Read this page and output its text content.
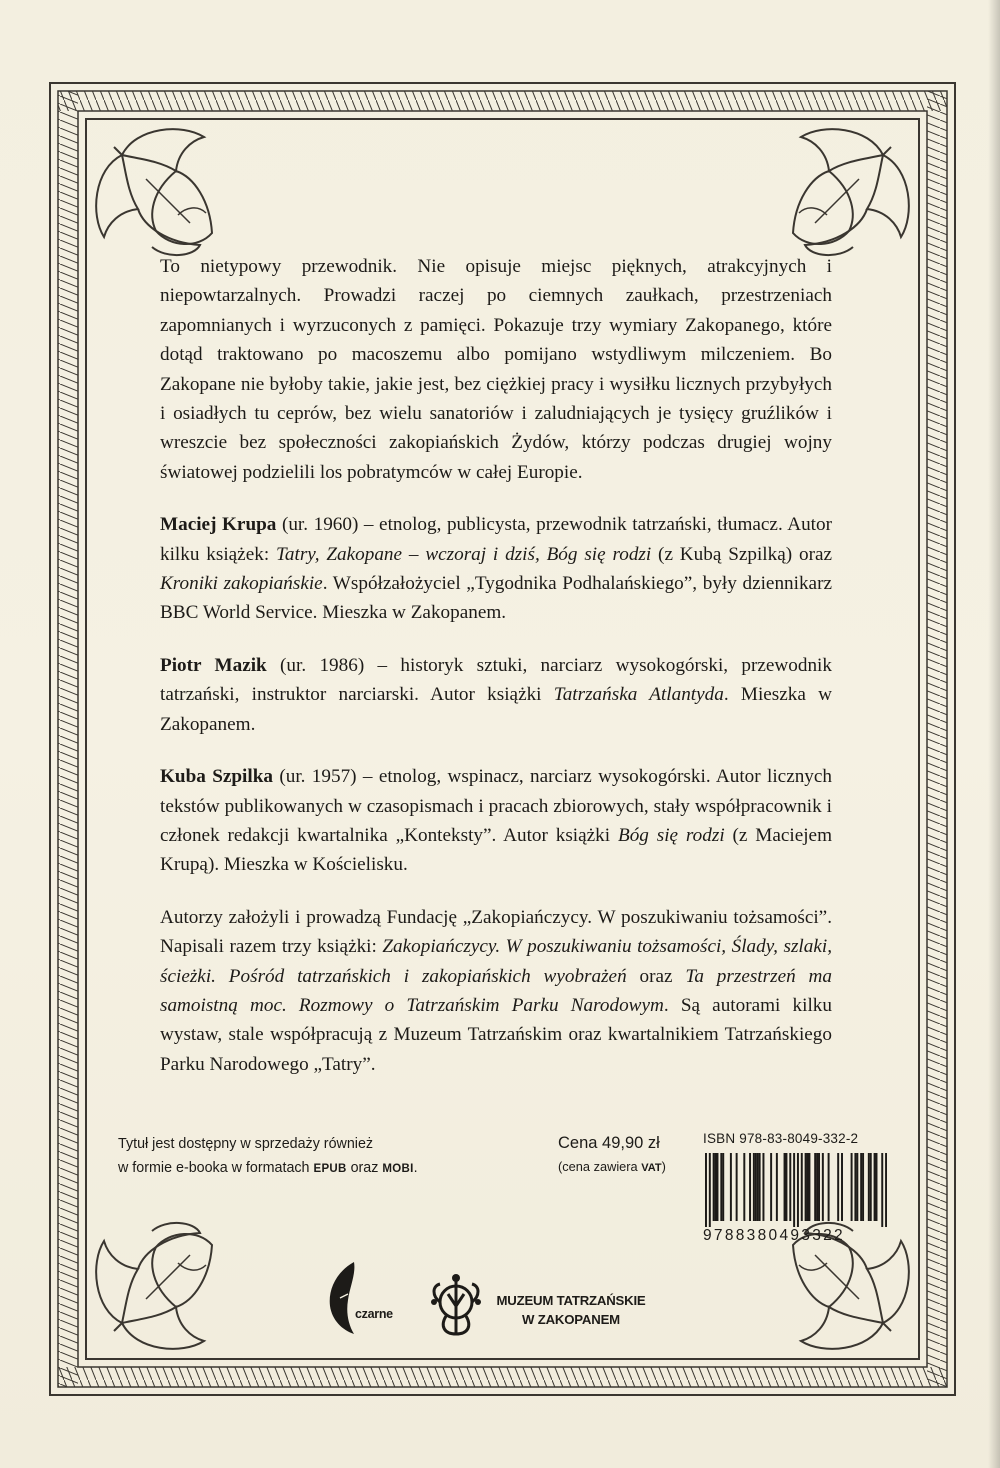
To nietypowy przewodnik. Nie opisuje miejsc pięknych, atrakcyjnych i niepowtarzalnych. Prowadzi raczej po ciemnych zaułkach, przestrzeniach zapomnianych i wyrzuconych z pamięci. Pokazuje trzy wymiary Zakopanego, które dotąd traktowano po macoszemu albo pomijano wstydliwym milczeniem. Bo Zakopane nie byłoby takie, jakie jest, bez ciężkiej pracy i wysiłku licznych przybyłych i osiadłych tu ceprów, bez wielu sanatoriów i zaludniających je tysięcy gruźlików i wreszcie bez społeczności zakopiańskich Żydów, którzy podczas drugiej wojny światowej podzielili los pobratymców w całej Europie.

Maciej Krupa (ur. 1960) – etnolog, publicysta, przewodnik tatrzański, tłumacz. Autor kilku książek: Tatry, Zakopane – wczoraj i dziś, Bóg się rodzi (z Kubą Szpilką) oraz Kroniki zakopiańskie. Współzałożyciel „Tygodnika Podhalańskiego”, były dziennikarz BBC World Service. Mieszka w Zakopanem.

Piotr Mazik (ur. 1986) – historyk sztuki, narciarz wysokogórski, przewodnik tatrzański, instruktor narciarski. Autor książki Tatrzańska Atlantyda. Mieszka w Zakopanem.

Kuba Szpilka (ur. 1957) – etnolog, wspinacz, narciarz wysokogórski. Autor licznych tekstów publikowanych w czasopismach i pracach zbiorowych, stały współpracownik i członek redakcji kwartalnika „Konteksty”. Autor książki Bóg się rodzi (z Maciejem Krupą). Mieszka w Kościelisku.

Autorzy założyli i prowadzą Fundację „Zakopiańczycy. W poszukiwaniu tożsamości”. Napisali razem trzy książki: Zakopiańczycy. W poszukiwaniu tożsamości, Ślady, szlaki, ścieżki. Pośród tatrzańskich i zakopiańskich wyobrażeń oraz Ta przestrzeń ma samoistną moc. Rozmowy o Tatrzańskim Parku Narodowym. Są autorami kilku wystaw, stale współpracują z Muzeum Tatrzańskim oraz kwartalnikiem Tatrzańskiego Parku Narodowego „Tatry”.

Tytuł jest dostępny w sprzedaży również
w formie e-booka w formatach EPUB oraz MOBI.
Cena 49,90 zł
(cena zawiera VAT)
ISBN 978-83-8049-332-2
9788380493322
czarne
MUZEUM TATRZAŃSKIE
W ZAKOPANEM
